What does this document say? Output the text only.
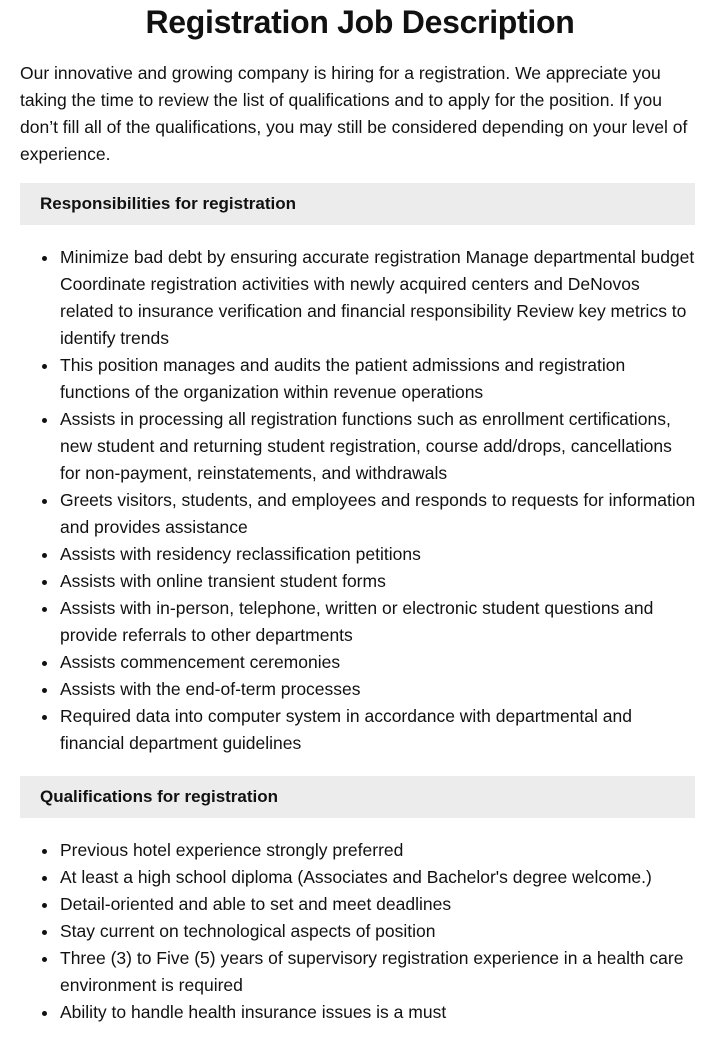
Registration Job Description

Our innovative and growing company is hiring for a registration. We appreciate you taking the time to review the list of qualifications and to apply for the position. If you don’t fill all of the qualifications, you may still be considered depending on your level of experience.

Responsibilities for registration
Minimize bad debt by ensuring accurate registration Manage departmental budget Coordinate registration activities with newly acquired centers and DeNovos related to insurance verification and financial responsibility Review key metrics to identify trends
This position manages and audits the patient admissions and registration functions of the organization within revenue operations
Assists in processing all registration functions such as enrollment certifications, new student and returning student registration, course add/drops, cancellations for non-payment, reinstatements, and withdrawals
Greets visitors, students, and employees and responds to requests for information and provides assistance
Assists with residency reclassification petitions
Assists with online transient student forms
Assists with in-person, telephone, written or electronic student questions and provide referrals to other departments
Assists commencement ceremonies
Assists with the end-of-term processes
Required data into computer system in accordance with departmental and financial department guidelines
Qualifications for registration
Previous hotel experience strongly preferred
At least a high school diploma (Associates and Bachelor's degree welcome.)
Detail-oriented and able to set and meet deadlines
Stay current on technological aspects of position
Three (3) to Five (5) years of supervisory registration experience in a health care environment is required
Ability to handle health insurance issues is a must
